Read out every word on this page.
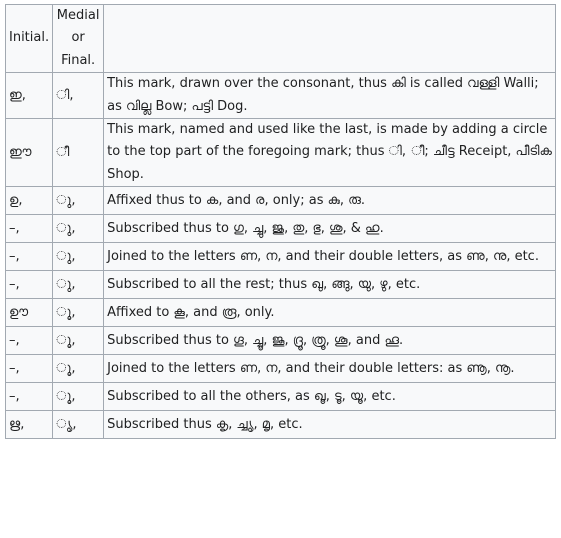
Initial.	Medial
or
Final.	
ഇ,	ി,	This mark, drawn over the consonant, thus കി is called വള്ളി Walli; as വില്ല Bow; പട്ടി Dog.
ഈ	ീ	This mark, named and used like the last, is made by adding a circle to the top part of the foregoing mark; thus ി, ീ; ചീട്ട Receipt, പീടിക Shop.
ഉ,	ു,	Affixed thus to ക, and ര, only; as കു, രു.
–,	ു,	Subscribed thus to ഗു, ച്ചു, ജു, തു, ഭു, ശു, & ഹു.
–,	ു,	Joined to the letters ണ, ന, and their double letters, as ണു, നു, etc.
–,	ു,	Subscribed to all the rest; thus ഖു, ങ്ങു, യു, ഴു, etc.
ഊ	ൂ,	Affixed to കൂ, and രൂ, only.
–,	ൂ,	Subscribed thus to ഗൂ, ച്ചൂ, ജൂ, ദ്രൂ, ത്രൂ, ശൂ, and ഹൂ.
–,	ൂ,	Joined to the letters ണ, ന, and their double letters: as ണൂ, നൂ.
–,	ൂ,	Subscribed to all the others, as ഖൂ, ടൂ, യൂ, etc.
ഋ,	ൃ,	Subscribed thus കൃ, ച്ചൃ, മൃ, etc.
